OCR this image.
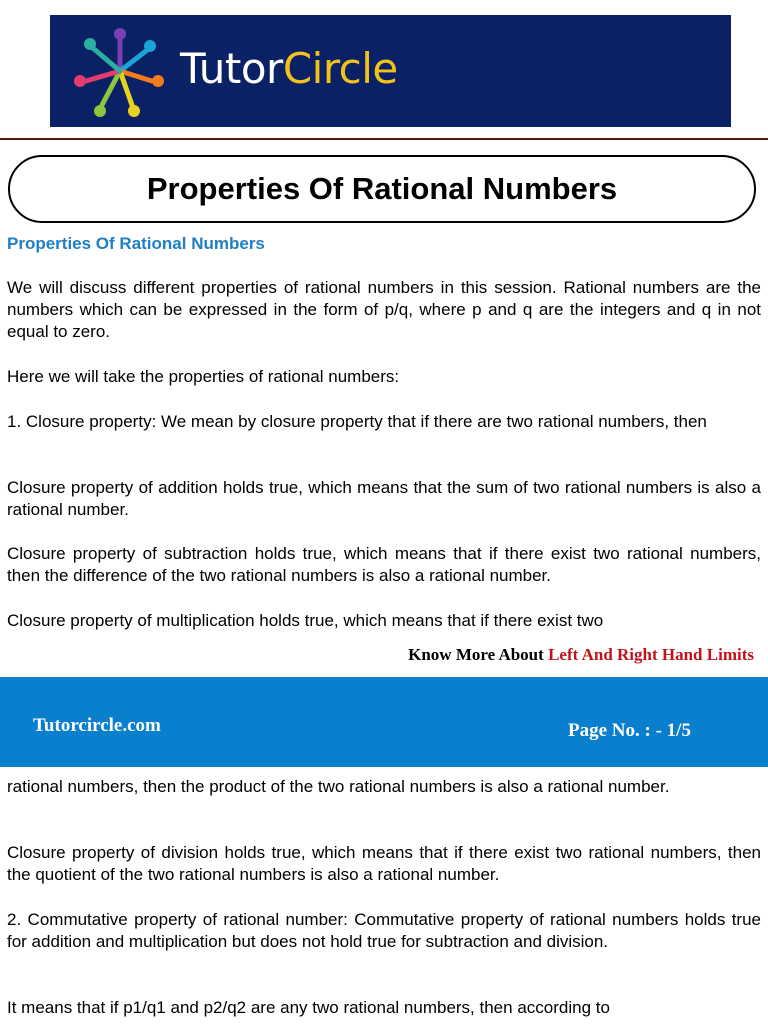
TutorCircle
Properties Of Rational Numbers
Properties Of Rational Numbers

We will discuss different properties of rational numbers in this session. Rational numbers are the numbers which can be expressed in the form of p/q, where p and q are the integers and q in not equal to zero.

Here we will take the properties of rational numbers:

1. Closure property: We mean by closure property that if there are two rational numbers, then

Closure property of addition holds true, which means that the sum of two rational numbers is also a rational number.

Closure property of subtraction holds true, which means that if there exist two rational numbers, then the difference of the two rational numbers is also a rational number.

Closure property of multiplication holds true, which means that if there exist two

Know More About Left And Right Hand Limits
Tutorcircle.com	Page No. : - 1/5

rational numbers, then the product of the two rational numbers is also a rational number.

Closure property of division holds true, which means that if there exist two rational numbers, then the quotient of the two rational numbers is also a rational number.

2. Commutative property of rational number: Commutative property of rational numbers holds true for addition and multiplication but does not hold true for subtraction and division.

It means that if p1/q1 and p2/q2 are any two rational numbers, then according to
